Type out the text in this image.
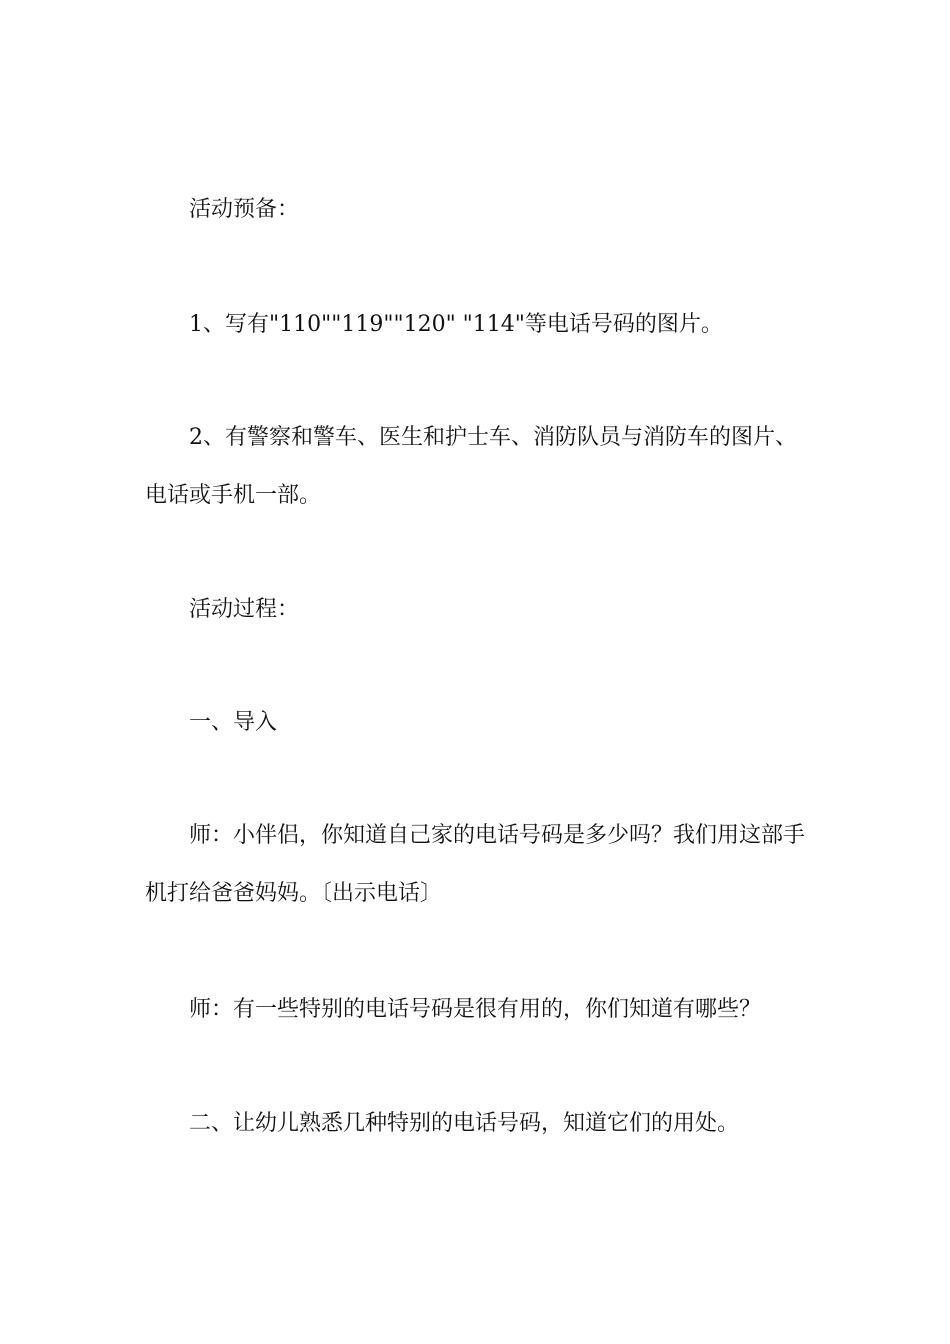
活动预备：

1、写有"110""119""120" "114"等电话号码的图片。

2、有警察和警车、医生和护士车、消防队员与消防车的图片、电话或手机一部。

活动过程：

一、导入

师：小伴侣，你知道自己家的电话号码是多少吗？我们用这部手机打给爸爸妈妈。〔出示电话〕

师：有一些特别的电话号码是很有用的，你们知道有哪些？

二、让幼儿熟悉几种特别的电话号码，知道它们的用处。
